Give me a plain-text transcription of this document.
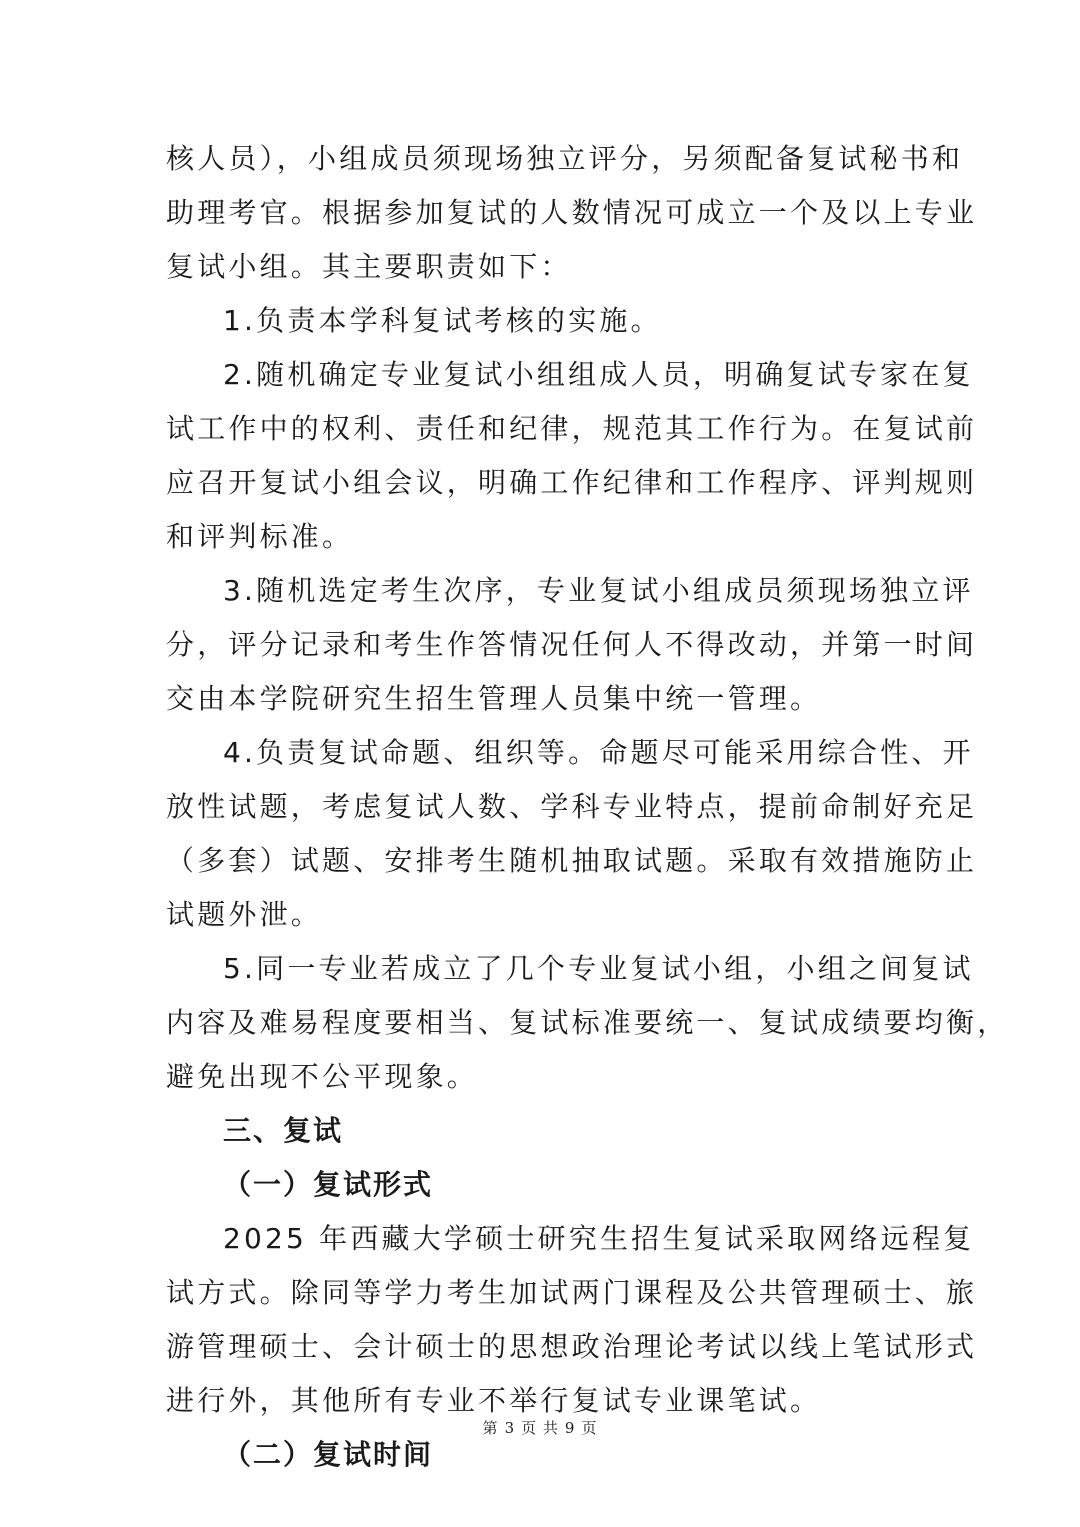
核人员），小组成员须现场独立评分，另须配备复试秘书和
助理考官。根据参加复试的人数情况可成立一个及以上专业
复试小组。其主要职责如下：
1.负责本学科复试考核的实施。
2.随机确定专业复试小组组成人员，明确复试专家在复
试工作中的权利、责任和纪律，规范其工作行为。在复试前
应召开复试小组会议，明确工作纪律和工作程序、评判规则
和评判标准。
3.随机选定考生次序，专业复试小组成员须现场独立评
分，评分记录和考生作答情况任何人不得改动，并第一时间
交由本学院研究生招生管理人员集中统一管理。
4.负责复试命题、组织等。命题尽可能采用综合性、开
放性试题，考虑复试人数、学科专业特点，提前命制好充足
（多套）试题、安排考生随机抽取试题。采取有效措施防止
试题外泄。
5.同一专业若成立了几个专业复试小组，小组之间复试
内容及难易程度要相当、复试标准要统一、复试成绩要均衡，
避免出现不公平现象。
三、复试
（一）复试形式
2025 年西藏大学硕士研究生招生复试采取网络远程复
试方式。除同等学力考生加试两门课程及公共管理硕士、旅
游管理硕士、会计硕士的思想政治理论考试以线上笔试形式
进行外，其他所有专业不举行复试专业课笔试。
（二）复试时间
第 3 页 共 9 页
